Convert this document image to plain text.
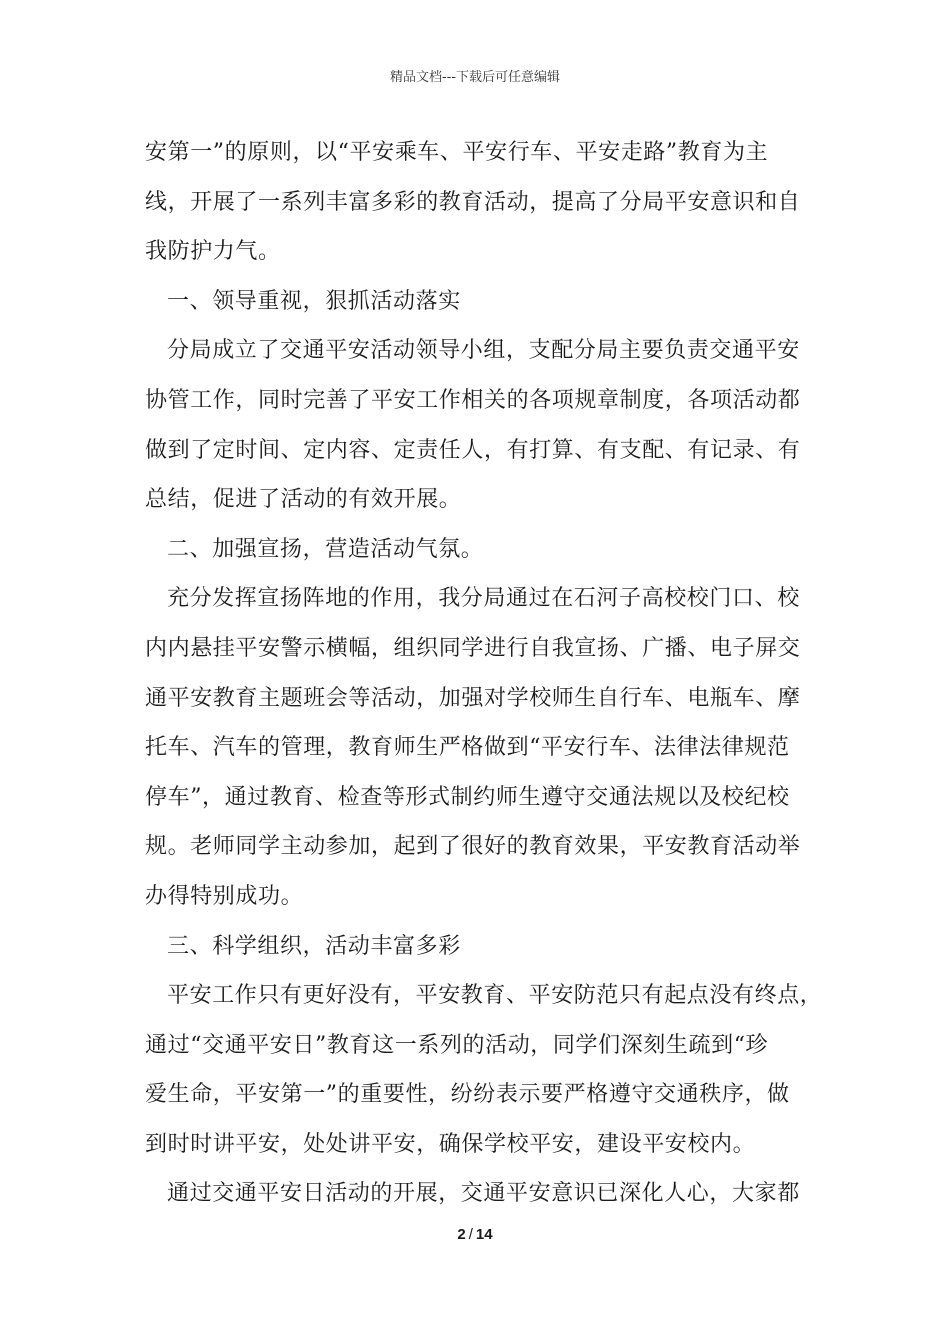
精品文档---下载后可任意编辑
安第一”的原则，以“平安乘车、平安行车、平安走路”教育为主
线，开展了一系列丰富多彩的教育活动，提高了分局平安意识和自
我防护力气。
一、领导重视，狠抓活动落实
分局成立了交通平安活动领导小组，支配分局主要负责交通平安
协管工作，同时完善了平安工作相关的各项规章制度，各项活动都
做到了定时间、定内容、定责任人，有打算、有支配、有记录、有
总结，促进了活动的有效开展。
二、加强宣扬，营造活动气氛。
充分发挥宣扬阵地的作用，我分局通过在石河子高校校门口、校
内内悬挂平安警示横幅，组织同学进行自我宣扬、广播、电子屏交
通平安教育主题班会等活动，加强对学校师生自行车、电瓶车、摩
托车、汽车的管理，教育师生严格做到“平安行车、法律法律规范
停车”，通过教育、检查等形式制约师生遵守交通法规以及校纪校
规。老师同学主动参加，起到了很好的教育效果，平安教育活动举
办得特别成功。
三、科学组织，活动丰富多彩
平安工作只有更好没有，平安教育、平安防范只有起点没有终点，
通过“交通平安日”教育这一系列的活动，同学们深刻生疏到“珍
爱生命，平安第一”的重要性，纷纷表示要严格遵守交通秩序，做
到时时讲平安，处处讲平安，确保学校平安，建设平安校内。
通过交通平安日活动的开展，交通平安意识已深化人心，大家都
2 / 14
